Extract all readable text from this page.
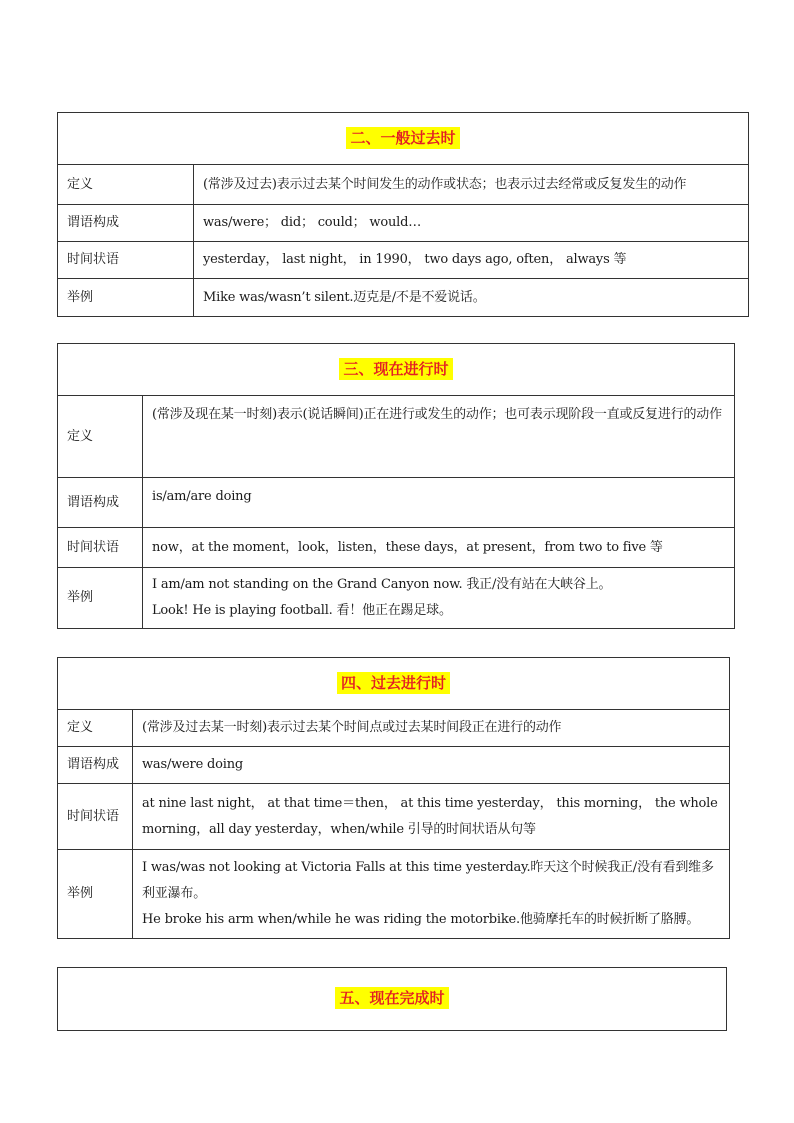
二、一般过去时	
定义	(常涉及过去)表示过去某个时间发生的动作或状态；也表示过去经常或反复发生的动作
谓语构成	was/were； did； could； would…
时间状语	yesterday， last night， in 1990， two days ago, often， always 等
举例	Mike was/wasn’t silent.迈克是/不是不爱说话。
三、现在进行时	
定义	(常涉及现在某一时刻)表示(说话瞬间)正在进行或发生的动作；也可表示现阶段一直或反复进行的动作
谓语构成	is/am/are doing
时间状语	now，at the moment，look，listen，these days，at present，from two to five 等
举例	I am/am not standing on the Grand Canyon now. 我正/没有站在大峡谷上。
Look! He is playing football. 看！他正在踢足球。
四、过去进行时	
定义	(常涉及过去某一时刻)表示过去某个时间点或过去某时间段正在进行的动作
谓语构成	was/were doing
时间状语	at nine last night， at that time＝then， at this time yesterday， this morning， the whole morning，all day yesterday，when/while 引导的时间状语从句等
举例	I was/was not looking at Victoria Falls at this time yesterday.昨天这个时候我正/没有看到维多利亚瀑布。
He broke his arm when/while he was riding the motorbike.他骑摩托车的时候折断了胳膊。
五、现在完成时
